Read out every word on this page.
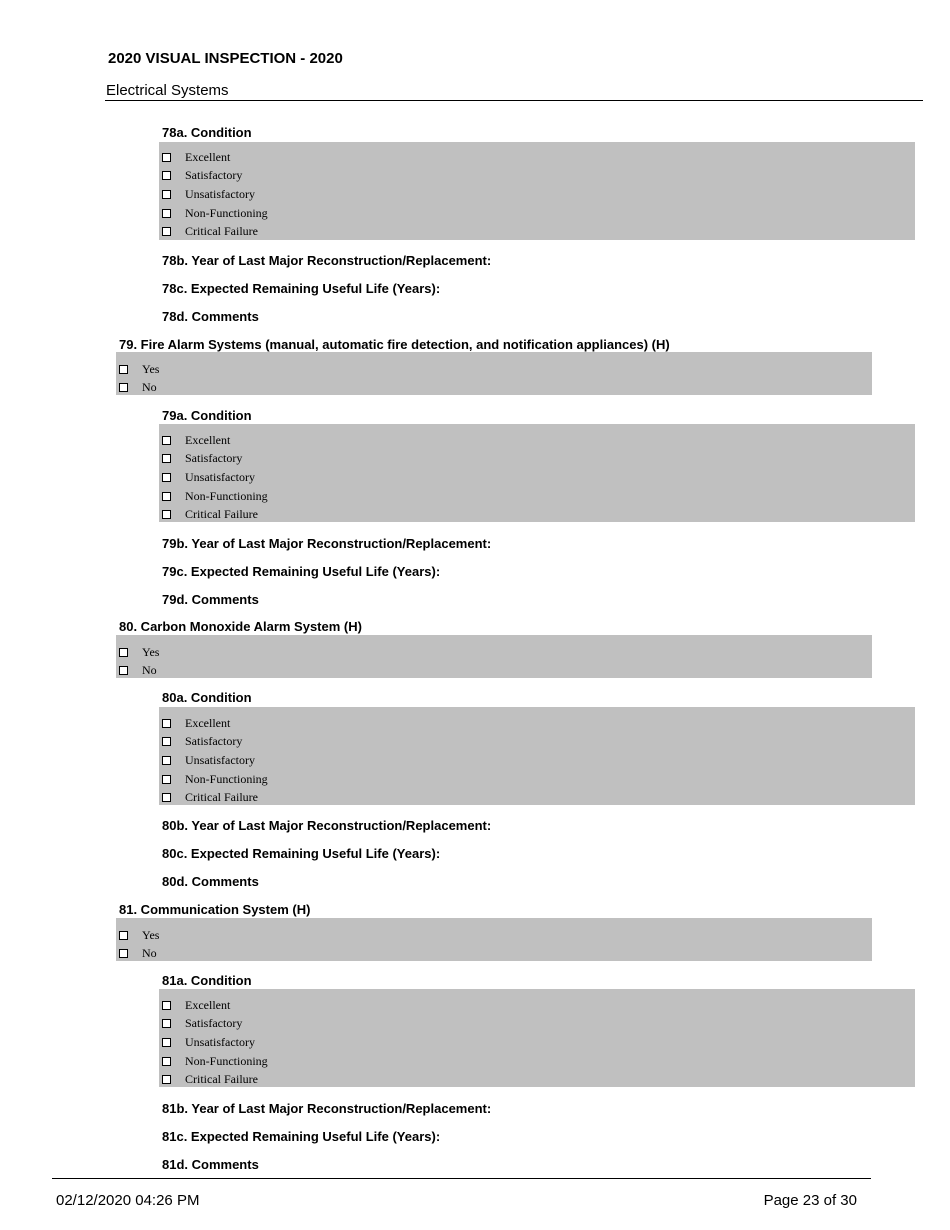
2020 VISUAL INSPECTION - 2020
Electrical Systems
78a. Condition
Excellent
Satisfactory
Unsatisfactory
Non-Functioning
Critical Failure
78b. Year of Last Major Reconstruction/Replacement:
78c. Expected Remaining Useful Life (Years):
78d. Comments
79. Fire Alarm Systems (manual, automatic fire detection, and notification appliances) (H)
Yes
No
79a. Condition
Excellent
Satisfactory
Unsatisfactory
Non-Functioning
Critical Failure
79b. Year of Last Major Reconstruction/Replacement:
79c. Expected Remaining Useful Life (Years):
79d. Comments
80. Carbon Monoxide Alarm System (H)
Yes
No
80a. Condition
Excellent
Satisfactory
Unsatisfactory
Non-Functioning
Critical Failure
80b. Year of Last Major Reconstruction/Replacement:
80c. Expected Remaining Useful Life (Years):
80d. Comments
81. Communication System (H)
Yes
No
81a. Condition
Excellent
Satisfactory
Unsatisfactory
Non-Functioning
Critical Failure
81b. Year of Last Major Reconstruction/Replacement:
81c. Expected Remaining Useful Life (Years):
81d. Comments
02/12/2020 04:26 PM	Page 23 of 30
